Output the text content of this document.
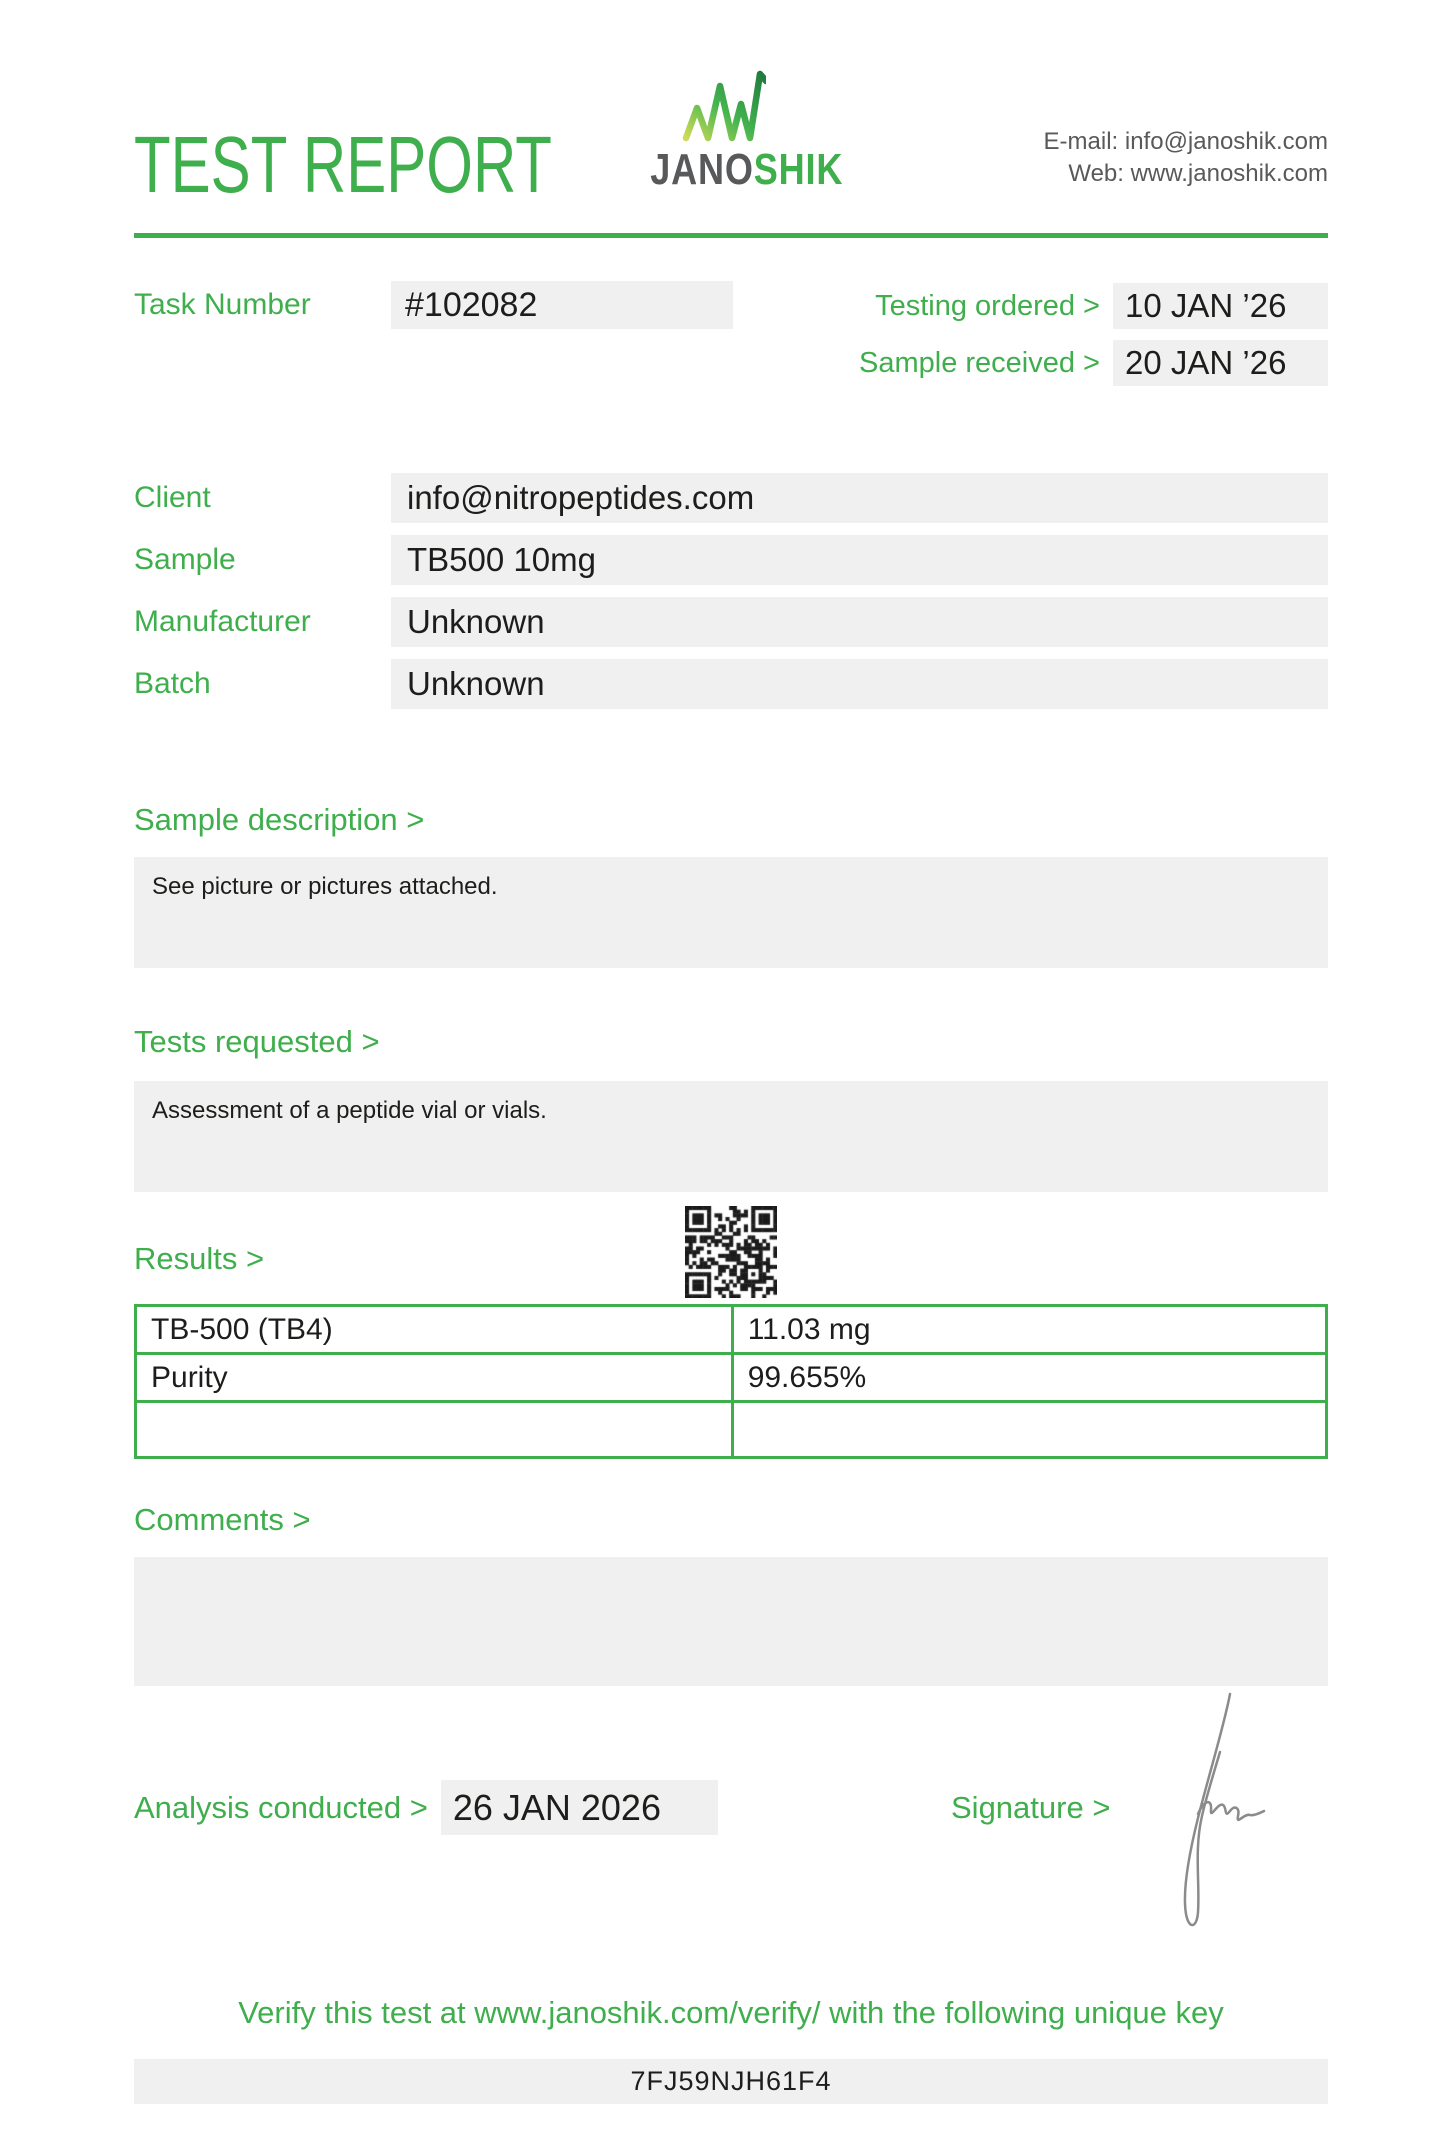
TEST REPORT JANOSHIK
E-mail: info@janoshik.com
Web: www.janoshik.com
Task Number	#102082	Testing ordered > 10 JAN ’26
Sample received > 20 JAN ’26
Client	info@nitropeptides.com
Sample	TB500 10mg
Manufacturer	Unknown
Batch	Unknown
Sample description >
See picture or pictures attached.
Tests requested >
Assessment of a peptide vial or vials.
Results >
TB-500 (TB4)	11.03 mg
Purity	99.655%

Comments >
Analysis conducted > 26 JAN 2026	Signature >
Verify this test at www.janoshik.com/verify/ with the following unique key
7FJ59NJH61F4
